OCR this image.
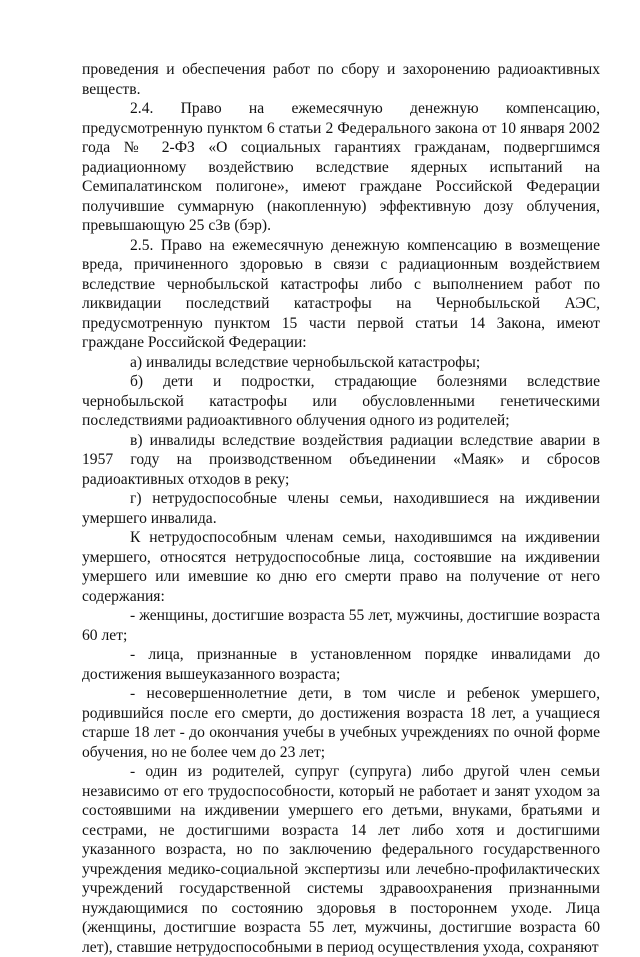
проведения и обеспечения работ по сбору и захоронению радиоактивных веществ.

2.4. Право на ежемесячную денежную компенсацию, предусмотренную пунктом 6 статьи 2 Федерального закона от 10 января 2002 года № 2-ФЗ «О социальных гарантиях гражданам, подвергшимся радиационному воздействию вследствие ядерных испытаний на Семипалатинском полигоне», имеют граждане Российской Федерации получившие суммарную (накопленную) эффективную дозу облучения, превышающую 25 сЗв (бэр).

2.5. Право на ежемесячную денежную компенсацию в возмещение вреда, причиненного здоровью в связи с радиационным воздействием вследствие чернобыльской катастрофы либо с выполнением работ по ликвидации последствий катастрофы на Чернобыльской АЭС, предусмотренную пунктом 15 части первой статьи 14 Закона, имеют граждане Российской Федерации:

а) инвалиды вследствие чернобыльской катастрофы;

б) дети и подростки, страдающие болезнями вследствие чернобыльской катастрофы или обусловленными генетическими последствиями радиоактивного облучения одного из родителей;

в) инвалиды вследствие воздействия радиации вследствие аварии в 1957 году на производственном объединении «Маяк» и сбросов радиоактивных отходов в реку;

г) нетрудоспособные члены семьи, находившиеся на иждивении умершего инвалида.

К нетрудоспособным членам семьи, находившимся на иждивении умершего, относятся нетрудоспособные лица, состоявшие на иждивении умершего или имевшие ко дню его смерти право на получение от него содержания:

- женщины, достигшие возраста 55 лет, мужчины, достигшие возраста 60 лет;

- лица, признанные в установленном порядке инвалидами до достижения вышеуказанного возраста;

- несовершеннолетние дети, в том числе и ребенок умершего, родившийся после его смерти, до достижения возраста 18 лет, а учащиеся старше 18 лет - до окончания учебы в учебных учреждениях по очной форме обучения, но не более чем до 23 лет;

- один из родителей, супруг (супруга) либо другой член семьи независимо от его трудоспособности, который не работает и занят уходом за состоявшими на иждивении умершего его детьми, внуками, братьями и сестрами, не достигшими возраста 14 лет либо хотя и достигшими указанного возраста, но по заключению федерального государственного учреждения медико-социальной экспертизы или лечебно-профилактических учреждений государственной системы здравоохранения признанными нуждающимися по состоянию здоровья в постороннем уходе. Лица (женщины, достигшие возраста 55 лет, мужчины, достигшие возраста 60 лет), ставшие нетрудоспособными в период осуществления ухода, сохраняют
